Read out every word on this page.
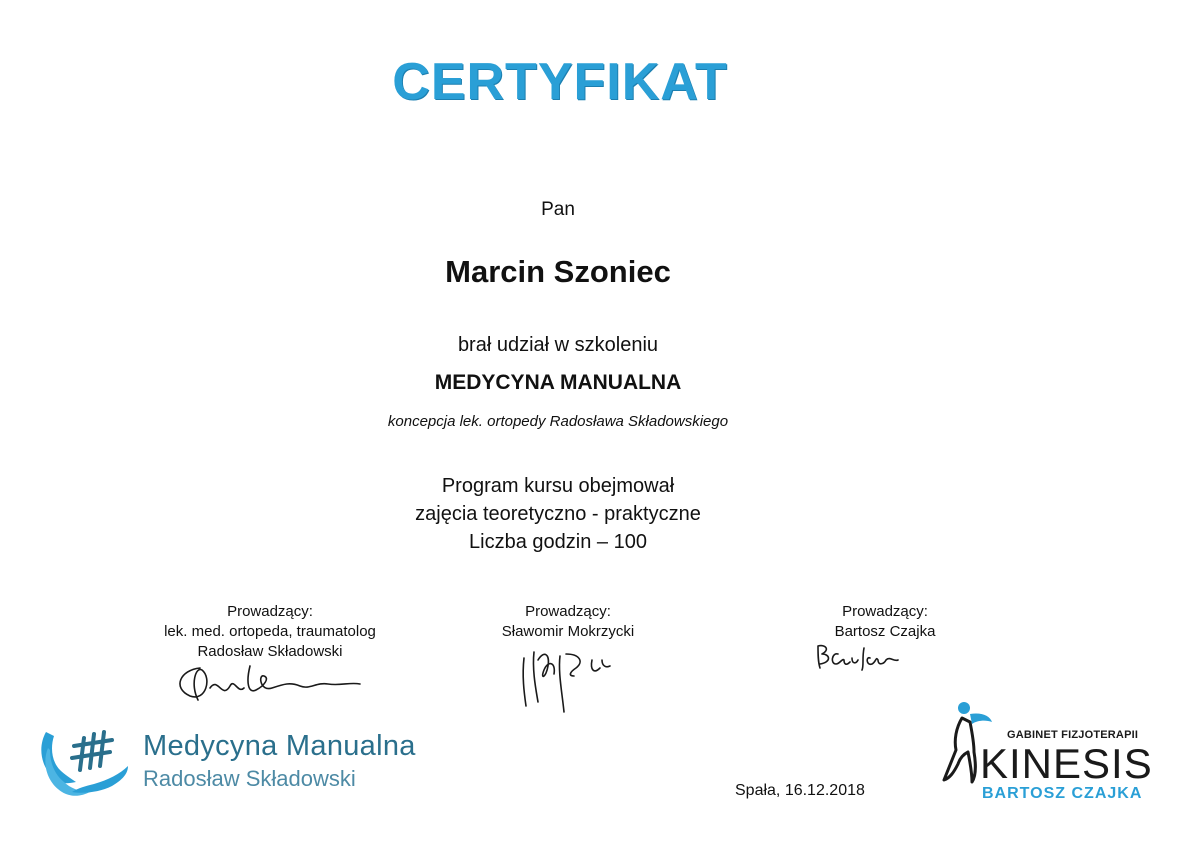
CERTYFIKAT
Pan
Marcin Szoniec
brał udział w szkoleniu
MEDYCYNA MANUALNA
koncepcja lek. ortopedy Radosława Składowskiego
Program kursu obejmował
zajęcia teoretyczno - praktyczne
Liczba godzin – 100
Prowadzący:
lek. med. ortopeda, traumatolog
Radosław Składowski
Prowadzący:
Sławomir Mokrzycki
Prowadzący:
Bartosz Czajka
Medycyna Manualna
Radosław Składowski	Spała, 16.12.2018
GABINET FIZJOTERAPII
KINESIS
BARTOSZ CZAJKA
